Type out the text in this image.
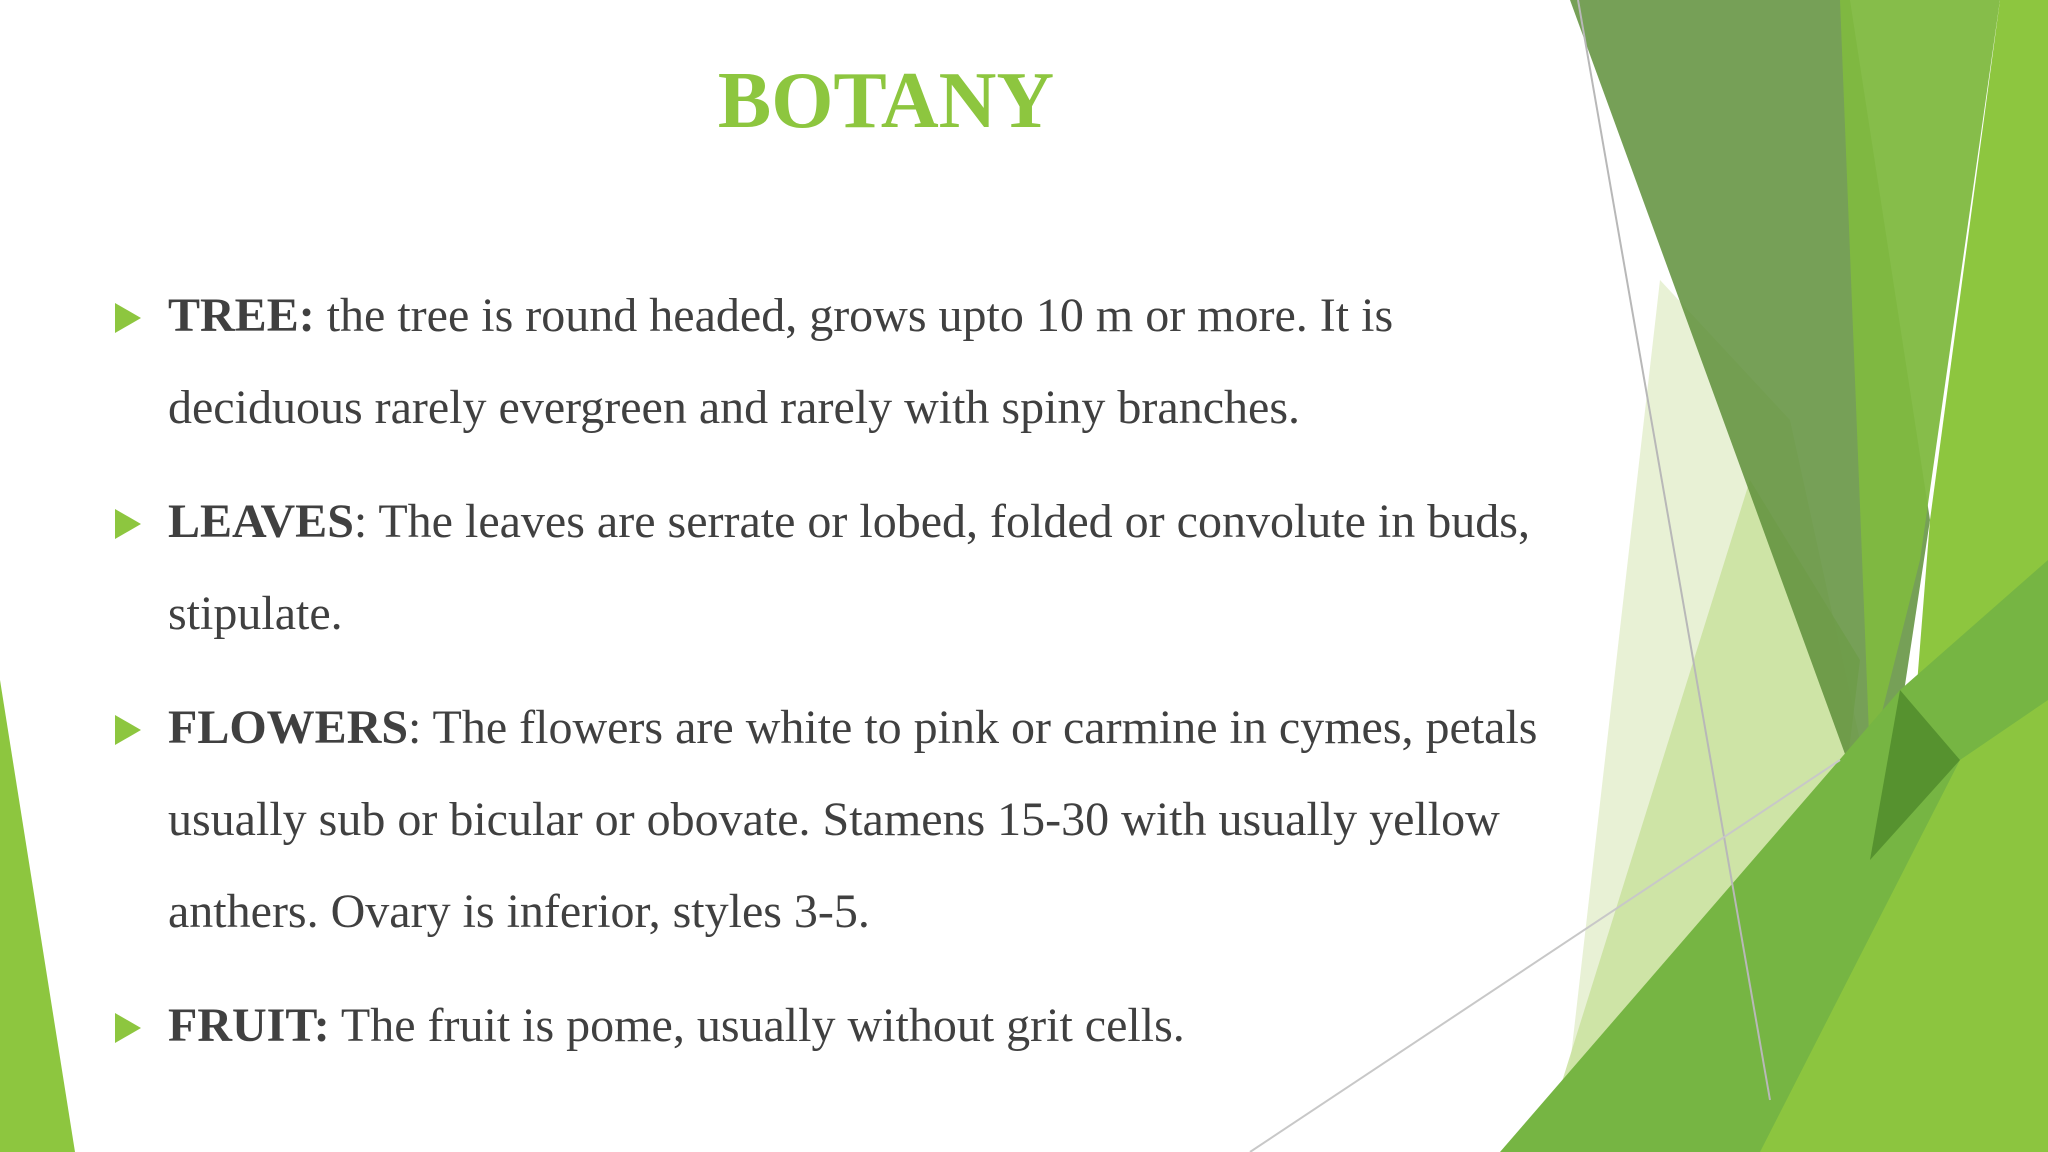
BOTANY
TREE: the tree is round headed, grows upto 10 m or more. It is deciduous rarely evergreen and rarely with spiny branches.
LEAVES: The leaves are serrate or lobed, folded or convolute in buds, stipulate.
FLOWERS: The flowers are white to pink or carmine in cymes, petals usually sub or bicular or obovate. Stamens 15-30 with usually yellow anthers. Ovary is inferior, styles 3-5.
FRUIT: The fruit is pome, usually without grit cells.
